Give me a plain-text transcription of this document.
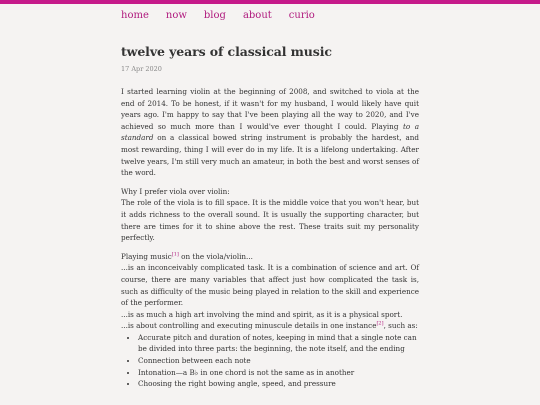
home now blog about curio
twelve years of classical music
17 Apr 2020

I started learning violin at the beginning of 2008, and switched to viola at the end of 2014. To be honest, if it wasn't for my husband, I would likely have quit years ago. I'm happy to say that I've been playing all the way to 2020, and I've achieved so much more than I would've ever thought I could. Playing to a standard on a classical bowed string instrument is probably the hardest, and most rewarding, thing I will ever do in my life. It is a lifelong undertaking. After twelve years, I'm still very much an amateur, in both the best and worst senses of the word.

Why I prefer viola over violin:
The role of the viola is to fill space. It is the middle voice that you won't hear, but it adds richness to the overall sound. It is usually the supporting character, but there are times for it to shine above the rest. These traits suit my personality perfectly.

Playing music[1] on the viola/violin...
...is an inconceivably complicated task. It is a combination of science and art. Of course, there are many variables that affect just how complicated the task is, such as difficulty of the music being played in relation to the skill and experience of the performer.
...is as much a high art involving the mind and spirit, as it is a physical sport.
...is about controlling and executing minuscule details in one instance[2], such as:

• Accurate pitch and duration of notes, keeping in mind that a single note can be divided into three parts: the beginning, the note itself, and the ending
• Connection between each note
• Intonation—a B♭ in one chord is not the same as in another
• Choosing the right bowing angle, speed, and pressure
